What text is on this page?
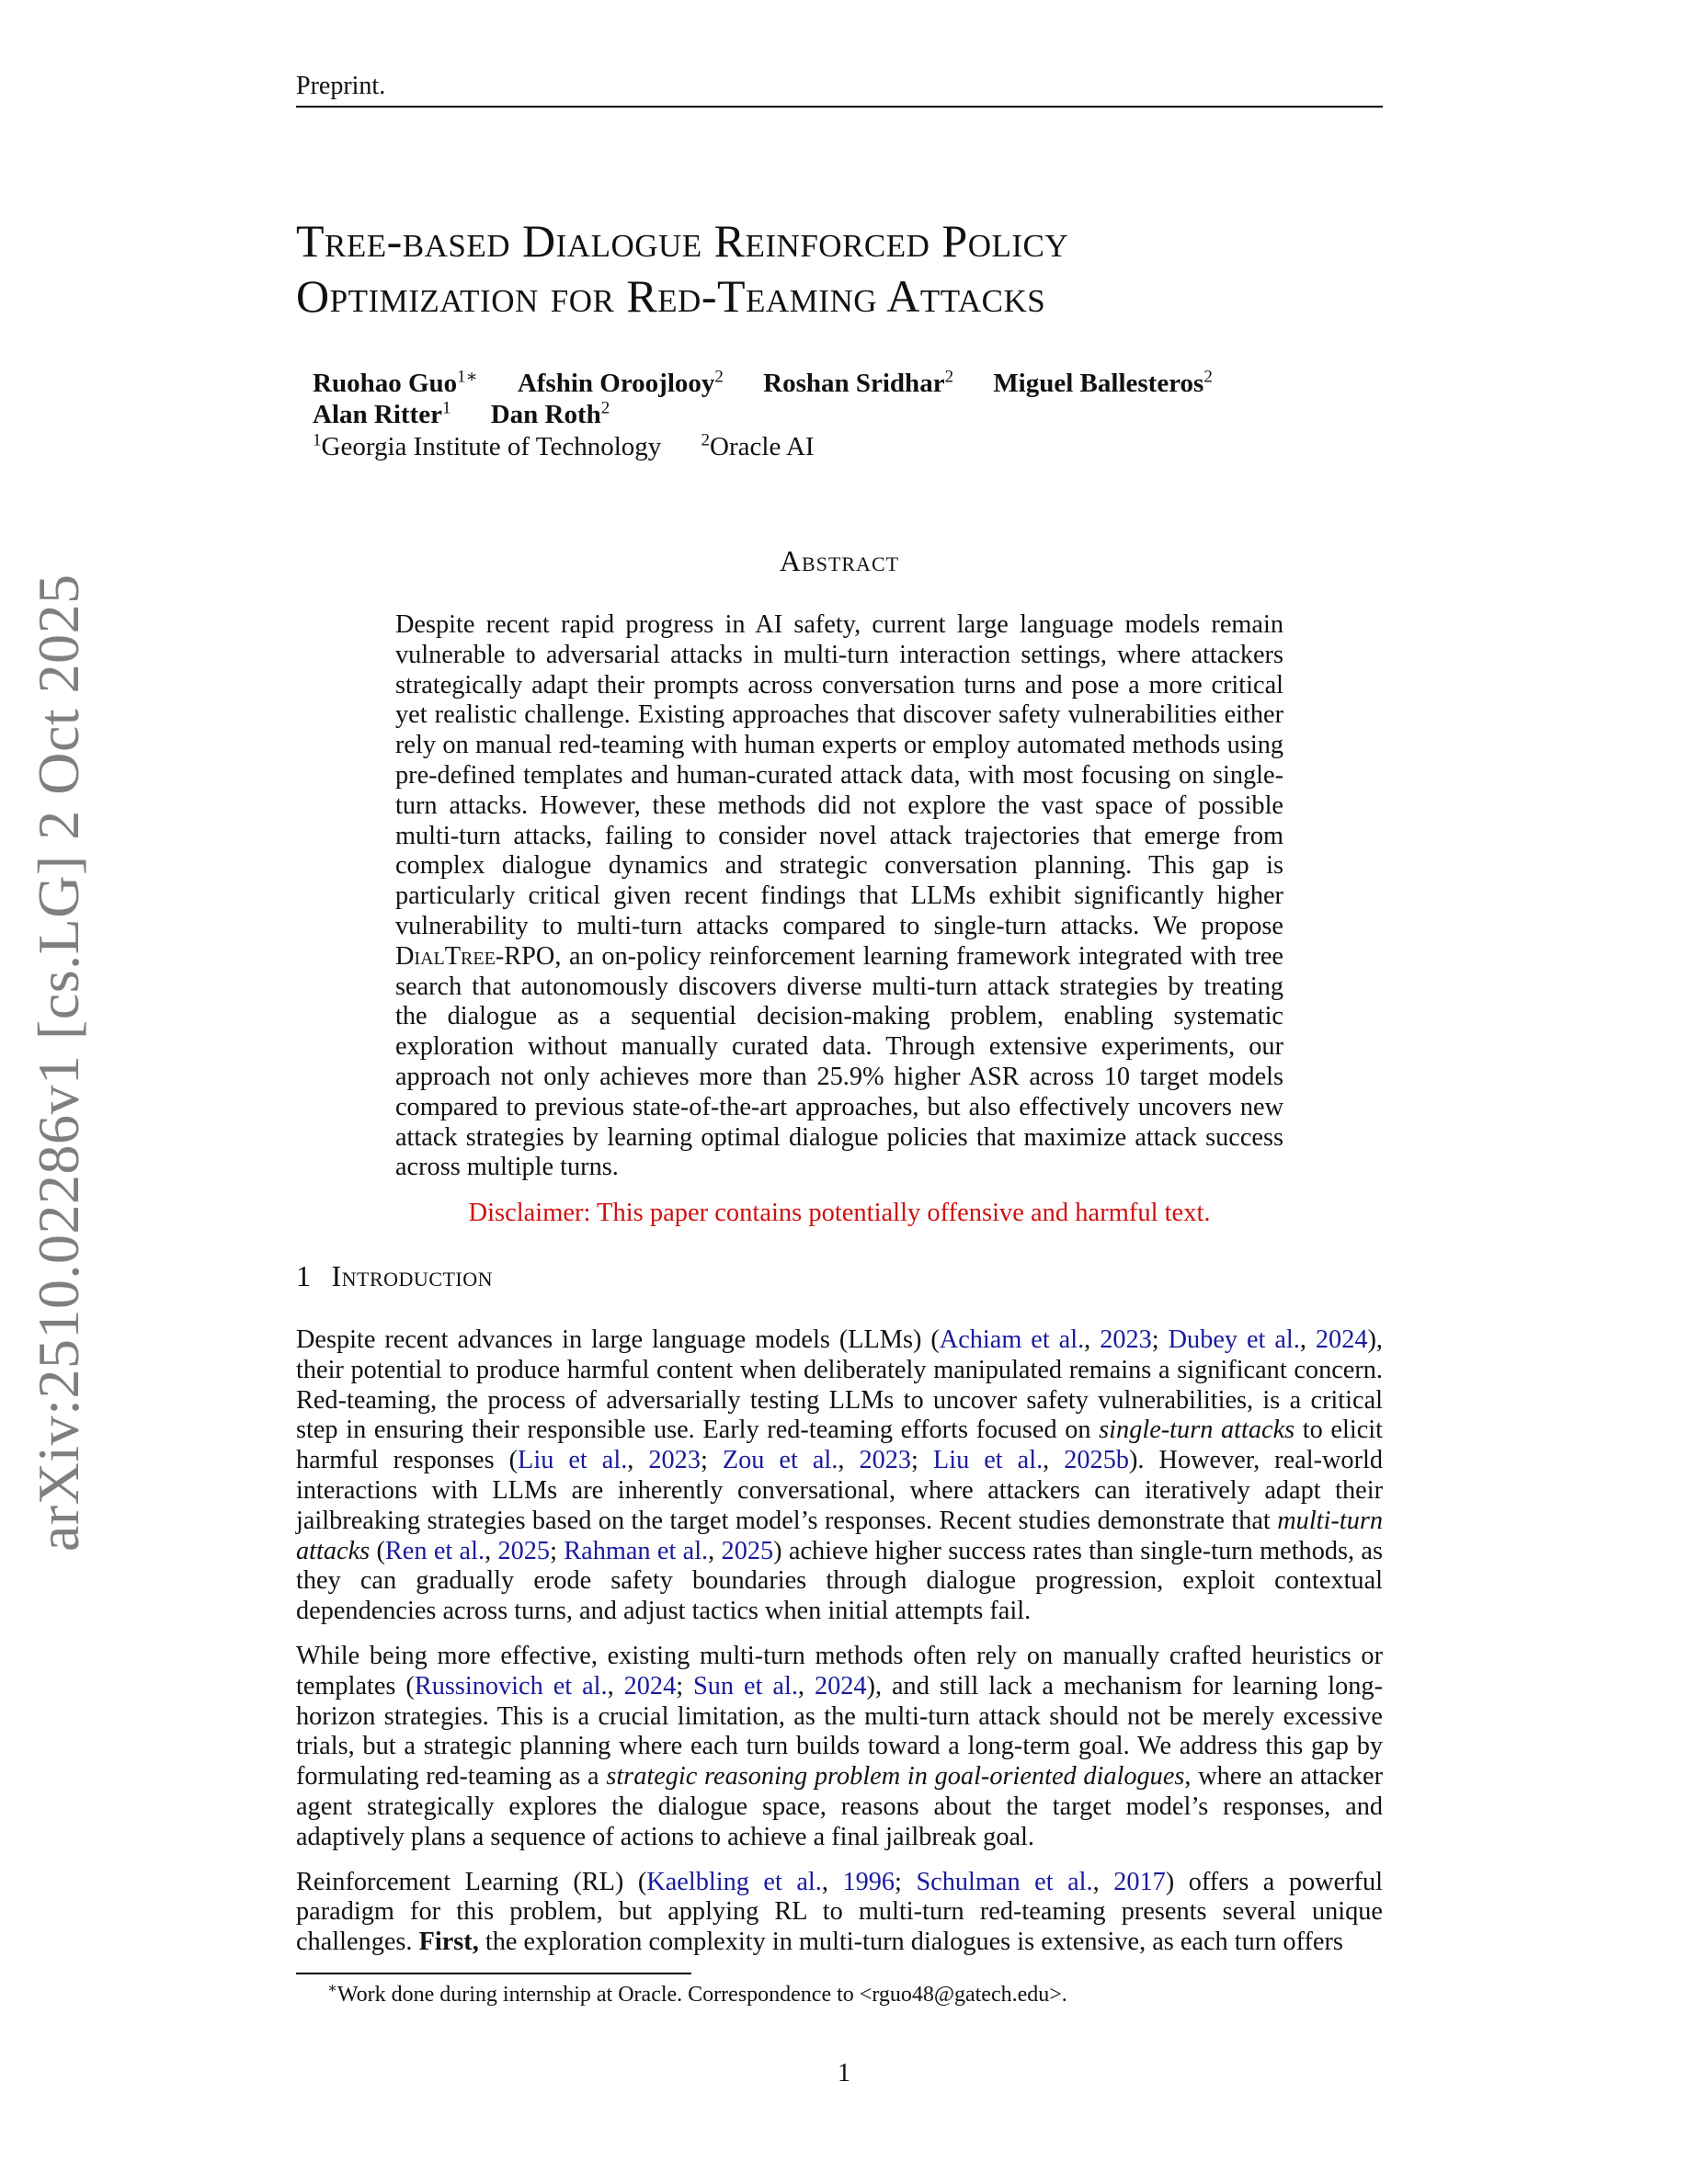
arXiv:2510.02286v1 [cs.LG] 2 Oct 2025
Preprint.
Tree-based Dialogue Reinforced Policy
Optimization for Red-Teaming Attacks
Ruohao Guo$^{1∗}$ Afshin Oroojlooy$^2$ Roshan Sridhar$^2$ Miguel Ballesteros$^2$
Alan Ritter$^1$ Dan Roth$^2$
$^1$Georgia Institute of Technology $^2$Oracle AI
Abstract
Despite recent rapid progress in AI safety, current large language models remain vulnerable to adversarial attacks in multi-turn interaction settings, where attackers strategically adapt their prompts across conversation turns and pose a more critical yet realistic challenge. Existing approaches that discover safety vulnerabilities either rely on manual red-teaming with human experts or employ automated methods using pre-defined templates and human-curated attack data, with most focusing on single-turn attacks. However, these methods did not explore the vast space of possible multi-turn attacks, failing to consider novel attack trajectories that emerge from complex dialogue dynamics and strategic conversation planning. This gap is particularly critical given recent findings that LLMs exhibit significantly higher vulnerability to multi-turn attacks compared to single-turn attacks. We propose DialTree-RPO, an on-policy reinforcement learning framework integrated with tree search that autonomously discovers diverse multi-turn attack strategies by treating the dialogue as a sequential decision-making problem, enabling systematic exploration without manually curated data. Through extensive experiments, our approach not only achieves more than 25.9% higher ASR across 10 target models compared to previous state-of-the-art approaches, but also effectively uncovers new attack strategies by learning optimal dialogue policies that maximize attack success across multiple turns.
Disclaimer: This paper contains potentially offensive and harmful text.
1 Introduction

Despite recent advances in large language models (LLMs) (Achiam et al., 2023; Dubey et al., 2024), their potential to produce harmful content when deliberately manipulated remains a significant concern. Red-teaming, the process of adversarially testing LLMs to uncover safety vulnerabilities, is a critical step in ensuring their responsible use. Early red-teaming efforts focused on single-turn attacks to elicit harmful responses (Liu et al., 2023; Zou et al., 2023; Liu et al., 2025b). However, real-world interactions with LLMs are inherently conversational, where attackers can iteratively adapt their jailbreaking strategies based on the target model’s responses. Recent studies demonstrate that multi-turn attacks (Ren et al., 2025; Rahman et al., 2025) achieve higher success rates than single-turn methods, as they can gradually erode safety boundaries through dialogue progression, exploit contextual dependencies across turns, and adjust tactics when initial attempts fail.

While being more effective, existing multi-turn methods often rely on manually crafted heuristics or templates (Russinovich et al., 2024; Sun et al., 2024), and still lack a mechanism for learning long-horizon strategies. This is a crucial limitation, as the multi-turn attack should not be merely excessive trials, but a strategic planning where each turn builds toward a long-term goal. We address this gap by formulating red-teaming as a strategic reasoning problem in goal-oriented dialogues, where an attacker agent strategically explores the dialogue space, reasons about the target model’s responses, and adaptively plans a sequence of actions to achieve a final jailbreak goal.

Reinforcement Learning (RL) (Kaelbling et al., 1996; Schulman et al., 2017) offers a powerful paradigm for this problem, but applying RL to multi-turn red-teaming presents several unique challenges. First, the exploration complexity in multi-turn dialogues is extensive, as each turn offers

∗Work done during internship at Oracle. Correspondence to <rguo48@gatech.edu>.
1
